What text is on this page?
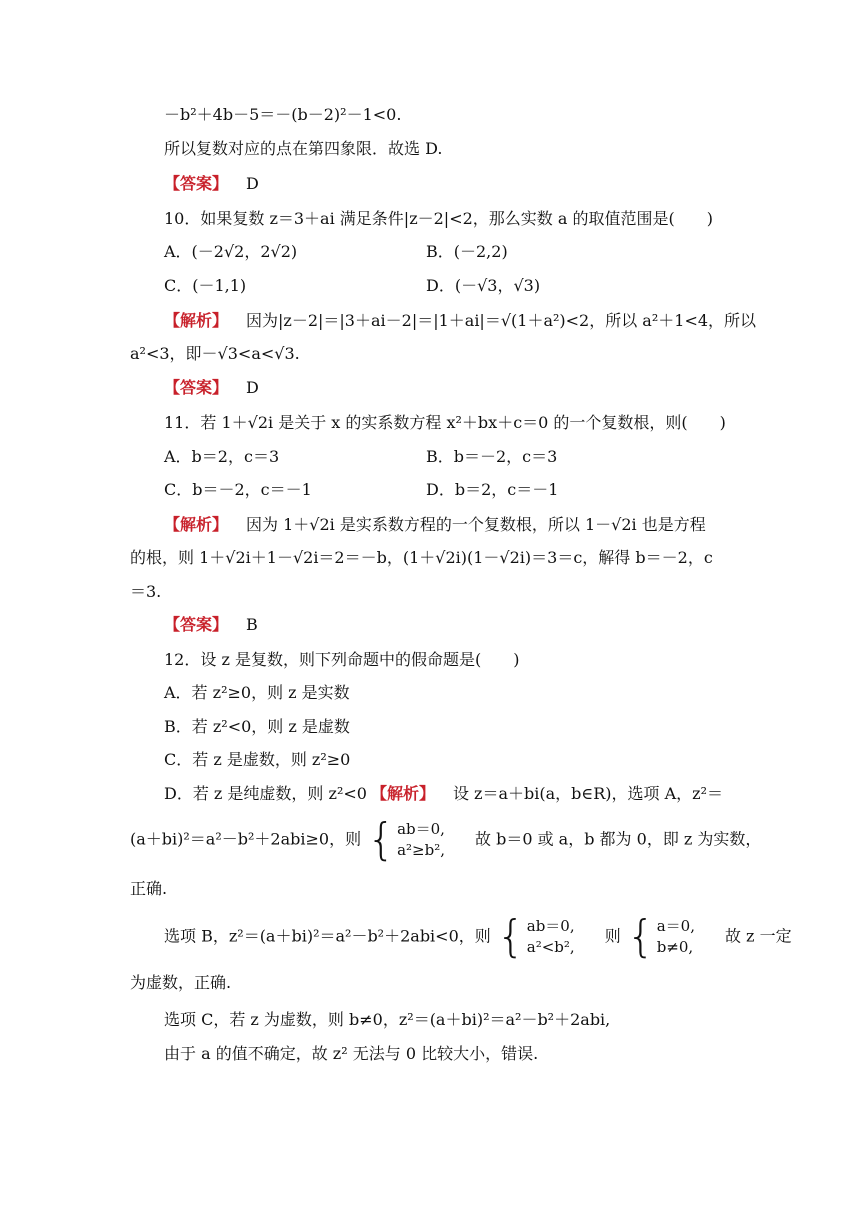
－b²＋4b－5＝－(b－2)²－1<0.
所以复数对应的点在第四象限．故选 D.
【答案】 D
10．如果复数 z＝3＋ai 满足条件|z－2|<2，那么实数 a 的取值范围是(　　)
A．(－2√2，2√2)	B．(－2,2)
C．(－1,1)	D．(－√3，√3)
【解析】 因为|z－2|＝|3＋ai－2|＝|1＋ai|＝√(1＋a²)<2，所以 a²＋1<4，所以
a²<3，即－√3<a<√3.
【答案】 D
11．若 1＋√2i 是关于 x 的实系数方程 x²＋bx＋c＝0 的一个复数根，则(　　)
A．b＝2，c＝3	B．b＝－2，c＝3
C．b＝－2，c＝－1	D．b＝2，c＝－1
【解析】 因为 1＋√2i 是实系数方程的一个复数根，所以 1－√2i 也是方程
的根，则 1＋√2i＋1－√2i＝2＝－b，(1＋√2i)(1－√2i)＝3＝c，解得 b＝－2，c
＝3.
【答案】 B
12．设 z 是复数，则下列命题中的假命题是(　　)
A．若 z²≥0，则 z 是实数
B．若 z²<0，则 z 是虚数
C．若 z 是虚数，则 z²≥0
D．若 z 是纯虚数，则 z²<0 【解析】 设 z＝a＋bi(a，b∈R)，选项 A，z²＝
(a＋bi)²＝a²－b²＋2abi≥0，则 { ab＝0,
a²≥b²,
故 b＝0 或 a，b 都为 0，即 z 为实数，
正确.
选项 B，z²＝(a＋bi)²＝a²－b²＋2abi<0，则 { ab＝0,
a²<b²,
则 { a＝0,
b≠0,
故 z 一定
为虚数，正确.
选项 C，若 z 为虚数，则 b≠0，z²＝(a＋bi)²＝a²－b²＋2abi,
由于 a 的值不确定，故 z² 无法与 0 比较大小，错误.
